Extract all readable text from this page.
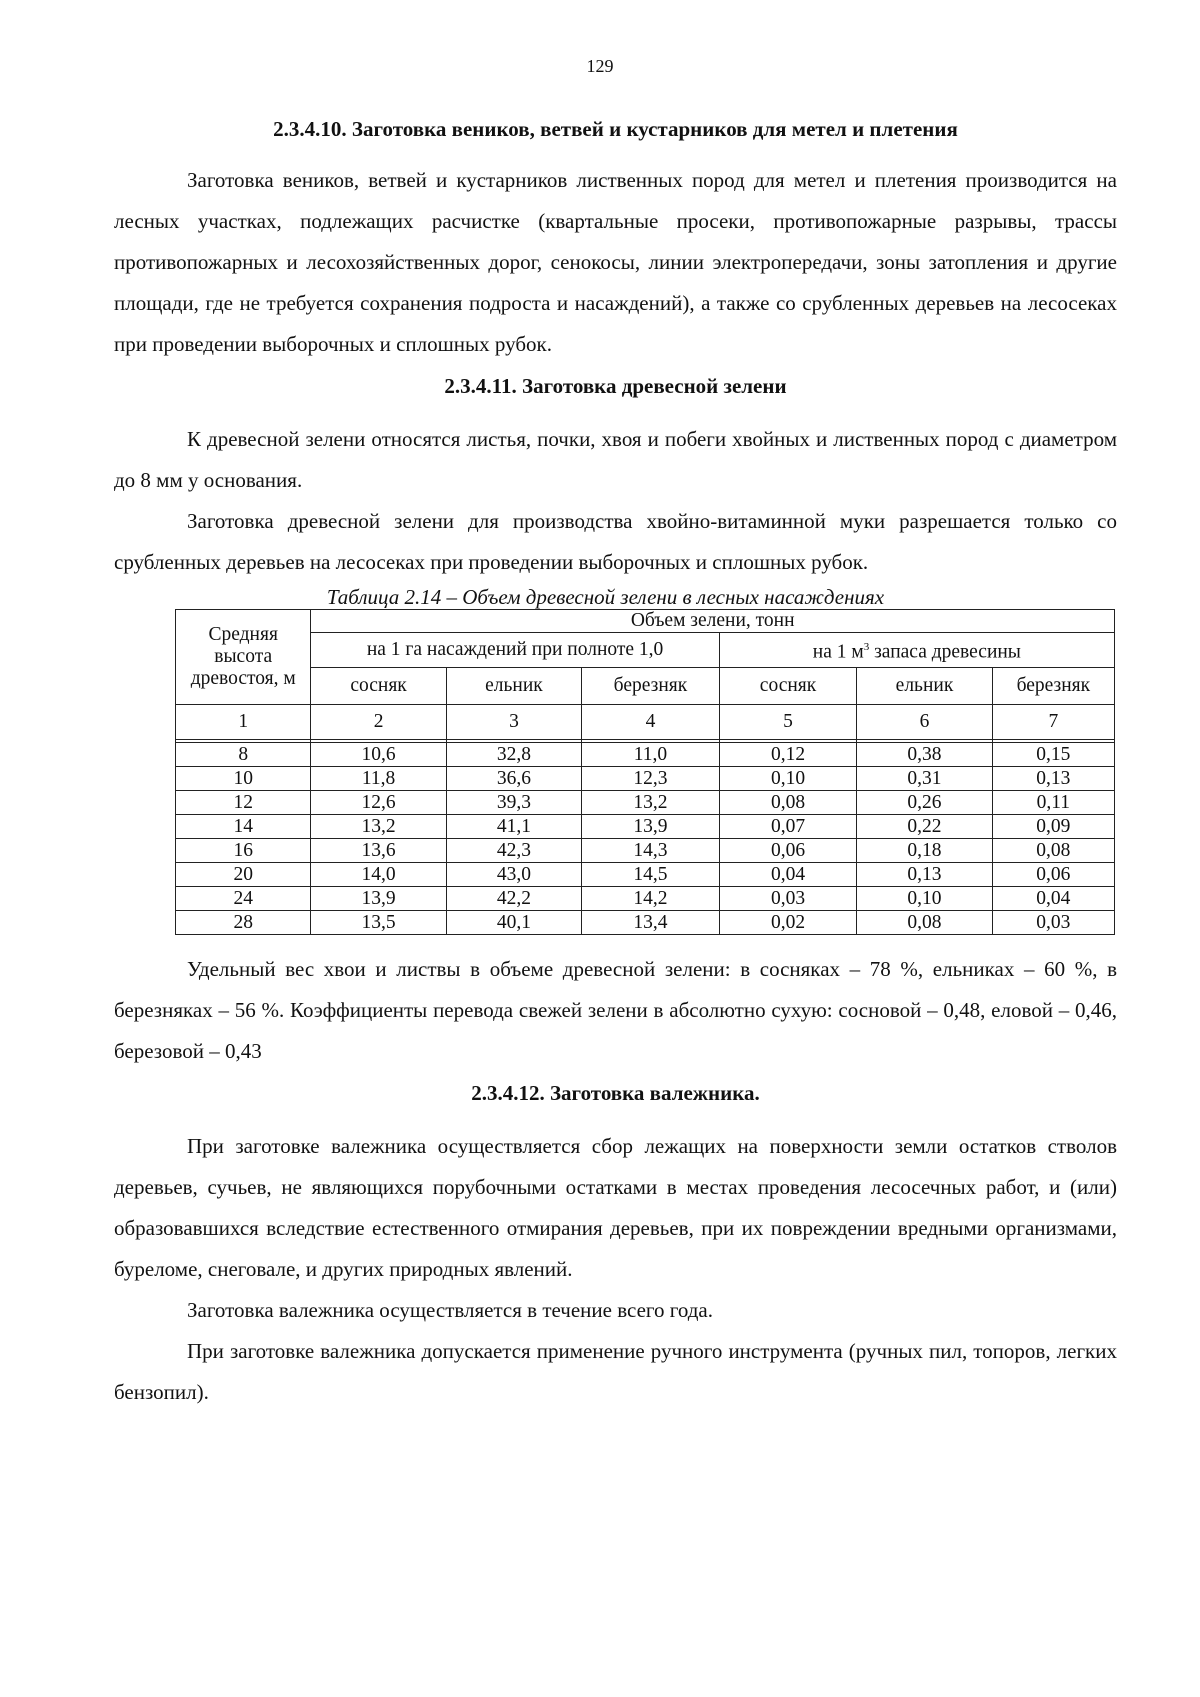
129
2.3.4.10. Заготовка веников, ветвей и кустарников для метел и плетения

Заготовка веников, ветвей и кустарников лиственных пород для метел и плетения производится на лесных участках, подлежащих расчистке (квартальные просеки, противопожарные разрывы, трассы противопожарных и лесохозяйственных дорог, сенокосы, линии электропередачи, зоны затопления и другие площади, где не требуется сохранения подроста и насаждений), а также со срубленных деревьев на лесосеках при проведении выборочных и сплошных рубок.

2.3.4.11. Заготовка древесной зелени

К древесной зелени относятся листья, почки, хвоя и побеги хвойных и лиственных пород с диаметром до 8 мм у основания.

Заготовка древесной зелени для производства хвойно-витаминной муки разрешается только со срубленных деревьев на лесосеках при проведении выборочных и сплошных рубок.

Таблица 2.14 – Объем древесной зелени в лесных насаждениях
Средняя высота древостоя, м	Объем зелени, тонн					
	на 1 га насаждений при полноте 1,0			на 1 $м^3$ запаса древесины		
	сосняк	ельник	березняк	сосняк	ельник	березняк
1	2	3	4	5	6	7

8	10,6	32,8	11,0	0,12	0,38	0,15
10	11,8	36,6	12,3	0,10	0,31	0,13
12	12,6	39,3	13,2	0,08	0,26	0,11
14	13,2	41,1	13,9	0,07	0,22	0,09
16	13,6	42,3	14,3	0,06	0,18	0,08
20	14,0	43,0	14,5	0,04	0,13	0,06
24	13,9	42,2	14,2	0,03	0,10	0,04
28	13,5	40,1	13,4	0,02	0,08	0,03

Удельный вес хвои и листвы в объеме древесной зелени: в сосняках – 78 %, ельниках – 60 %, в березняках – 56 %. Коэффициенты перевода свежей зелени в абсолютно сухую: сосновой – 0,48, еловой – 0,46, березовой – 0,43

2.3.4.12. Заготовка валежника.

При заготовке валежника осуществляется сбор лежащих на поверхности земли остатков стволов деревьев, сучьев, не являющихся порубочными остатками в местах проведения лесосечных работ, и (или) образовавшихся вследствие естественного отмирания деревьев, при их повреждении вредными организмами, буреломе, снеговале, и других природных явлений.

Заготовка валежника осуществляется в течение всего года.

При заготовке валежника допускается применение ручного инструмента (ручных пил, топоров, легких бензопил).
